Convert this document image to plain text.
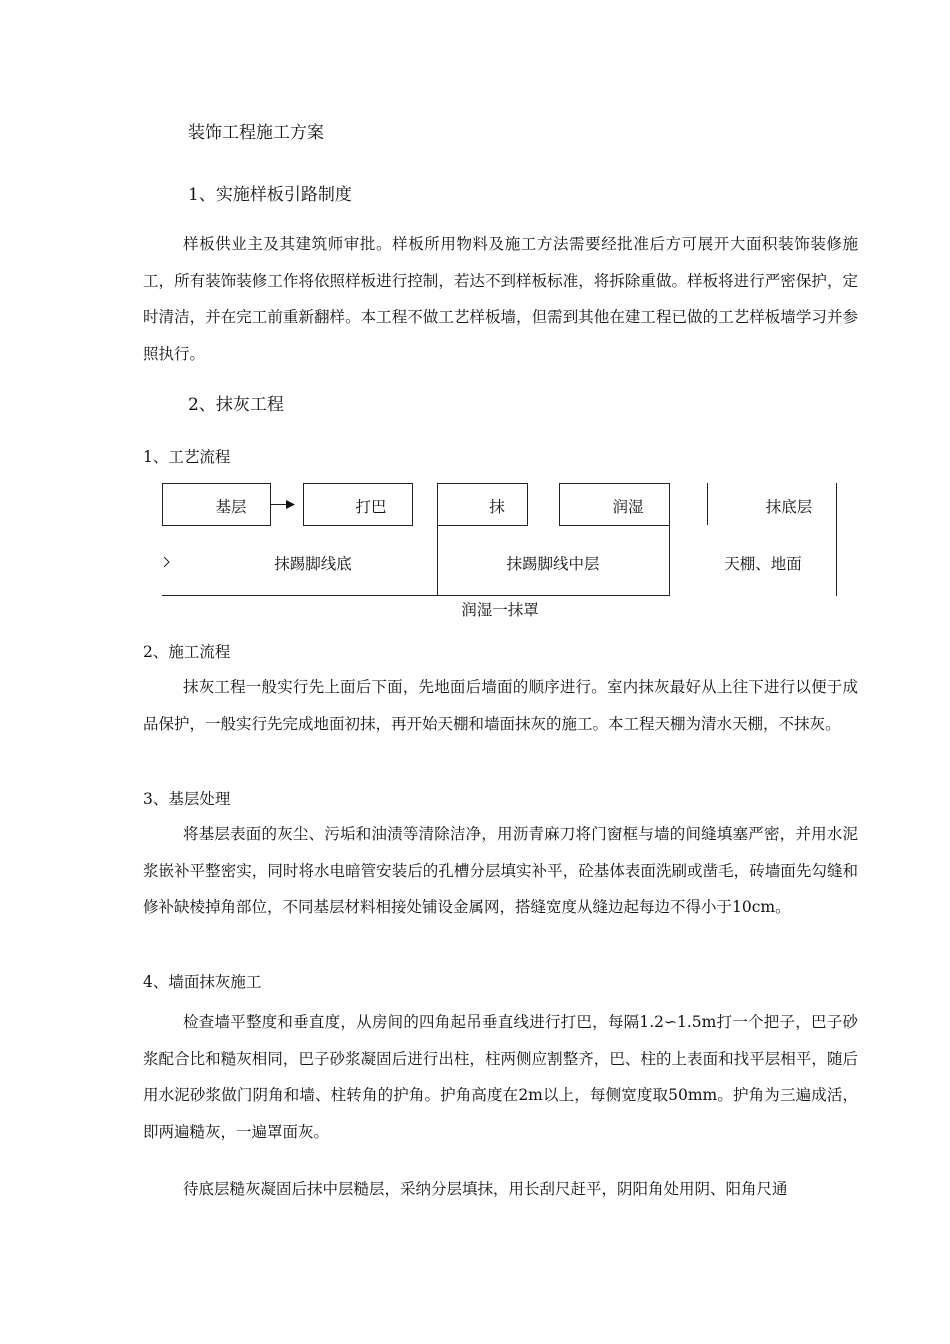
装饰工程施工方案
1、实施样板引路制度
样板供业主及其建筑师审批。样板所用物料及施工方法需要经批准后方可展开大面积装饰装修施工，所有装饰装修工作将依照样板进行控制，若达不到样板标准，将拆除重做。样板将进行严密保护，定时清洁，并在完工前重新翻样。本工程不做工艺样板墙，但需到其他在建工程已做的工艺样板墙学习并参照执行。
2、抹灰工程
1、工艺流程
基层	打巴	抹	润湿	抹底层
抹踢脚线底	抹踢脚线中层	天棚、地面
润湿一抹罩
2、施工流程
抹灰工程一般实行先上面后下面，先地面后墙面的顺序进行。室内抹灰最好从上往下进行以便于成品保护，一般实行先完成地面初抹，再开始天棚和墙面抹灰的施工。本工程天棚为清水天棚，不抹灰。
3、基层处理
将基层表面的灰尘、污垢和油渍等清除洁净，用沥青麻刀将门窗框与墙的间缝填塞严密，并用水泥浆嵌补平整密实，同时将水电暗管安装后的孔槽分层填实补平，砼基体表面洗刷或凿毛，砖墙面先勾缝和修补缺棱掉角部位，不同基层材料相接处铺设金属网，搭缝宽度从缝边起每边不得小于10cm。
4、墙面抹灰施工
检查墙平整度和垂直度，从房间的四角起吊垂直线进行打巴，每隔1.2∽1.5m打一个把子，巴子砂浆配合比和糙灰相同，巴子砂浆凝固后进行出柱，柱两侧应割整齐，巴、柱的上表面和找平层相平，随后用水泥砂浆做门阴角和墙、柱转角的护角。护角高度在2m以上，每侧宽度取50mm。护角为三遍成活，即两遍糙灰，一遍罩面灰。
待底层糙灰凝固后抹中层糙层，采纳分层填抹，用长刮尺赶平，阴阳角处用阴、阳角尺通
